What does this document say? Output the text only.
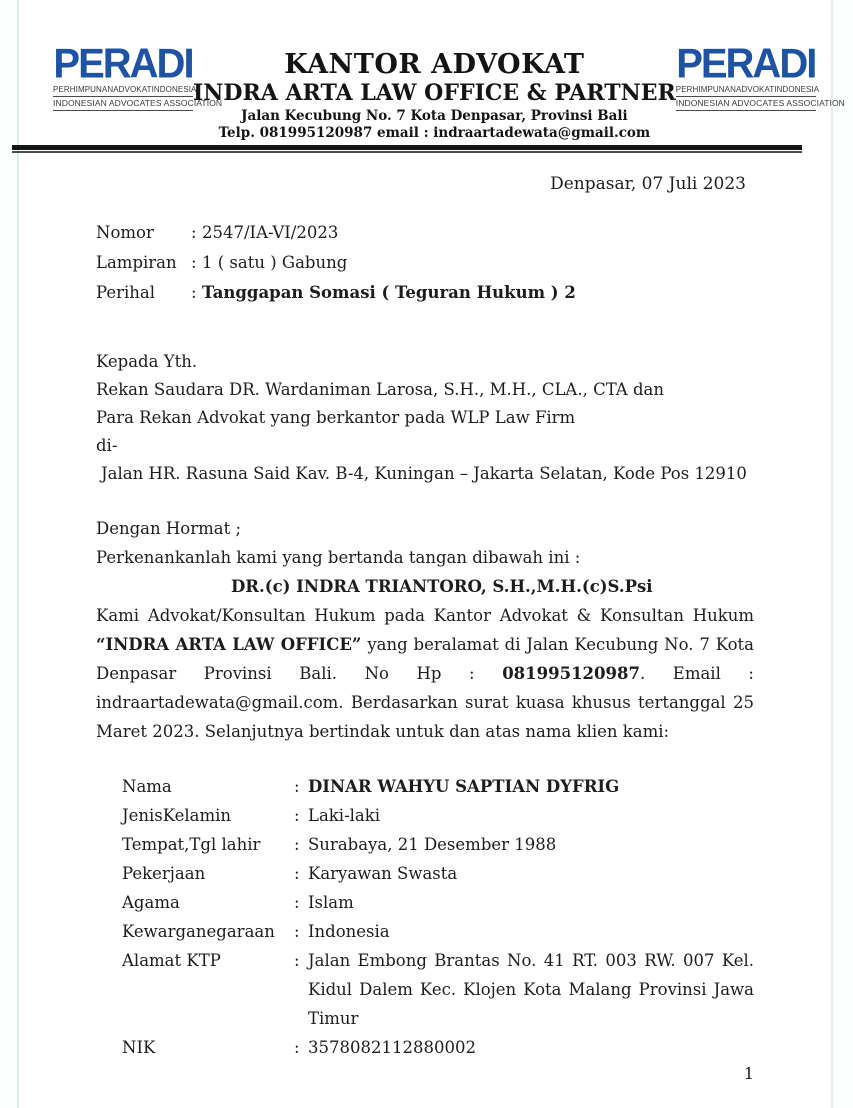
PERADI
PERHIMPUNAN ADVOKAT INDONESIA
INDONESIAN ADVOCATES ASSOCIATION
KANTOR ADVOKAT
INDRA ARTA LAW OFFICE & PARTNER
Jalan Kecubung No. 7 Kota Denpasar, Provinsi Bali
Telp. 081995120987 email : indraartadewata@gmail.com
PERADI
PERHIMPUNAN ADVOKAT INDONESIA
INDONESIAN ADVOCATES ASSOCIATION
Denpasar, 07 Juli 2023
Nomor	: 2547/IA-VI/2023
Lampiran : 1 ( satu ) Gabung
Perihal	: Tanggapan Somasi ( Teguran Hukum ) 2
Kepada Yth.
Rekan Saudara DR. Wardaniman Larosa, S.H., M.H., CLA., CTA dan
Para Rekan Advokat yang berkantor pada WLP Law Firm
di-
Jalan HR. Rasuna Said Kav. B-4, Kuningan – Jakarta Selatan, Kode Pos 12910
Dengan Hormat ;
Perkenankanlah kami yang bertanda tangan dibawah ini :
DR.(c) INDRA TRIANTORO, S.H.,M.H.(c)S.Psi
Kami Advokat/Konsultan Hukum pada Kantor Advokat & Konsultan Hukum
“INDRA ARTA LAW OFFICE” yang beralamat di Jalan Kecubung No. 7 Kota
Denpasar Provinsi Bali. No Hp : 081995120987. Email :
indraartadewata@gmail.com. Berdasarkan surat kuasa khusus tertanggal 25
Maret 2023. Selanjutnya bertindak untuk dan atas nama klien kami:
Nama	: DINAR WAHYU SAPTIAN DYFRIG
JenisKelamin	: Laki-laki
Tempat,Tgl lahir	: Surabaya, 21 Desember 1988
Pekerjaan	: Karyawan Swasta
Agama	: Islam
Kewarganegaraan	: Indonesia
Alamat KTP	: Jalan Embong Brantas No. 41 RT. 003 RW. 007 Kel. Kidul Dalem Kec. Klojen Kota Malang Provinsi Jawa Timur
NIK	: 3578082112880002
1
